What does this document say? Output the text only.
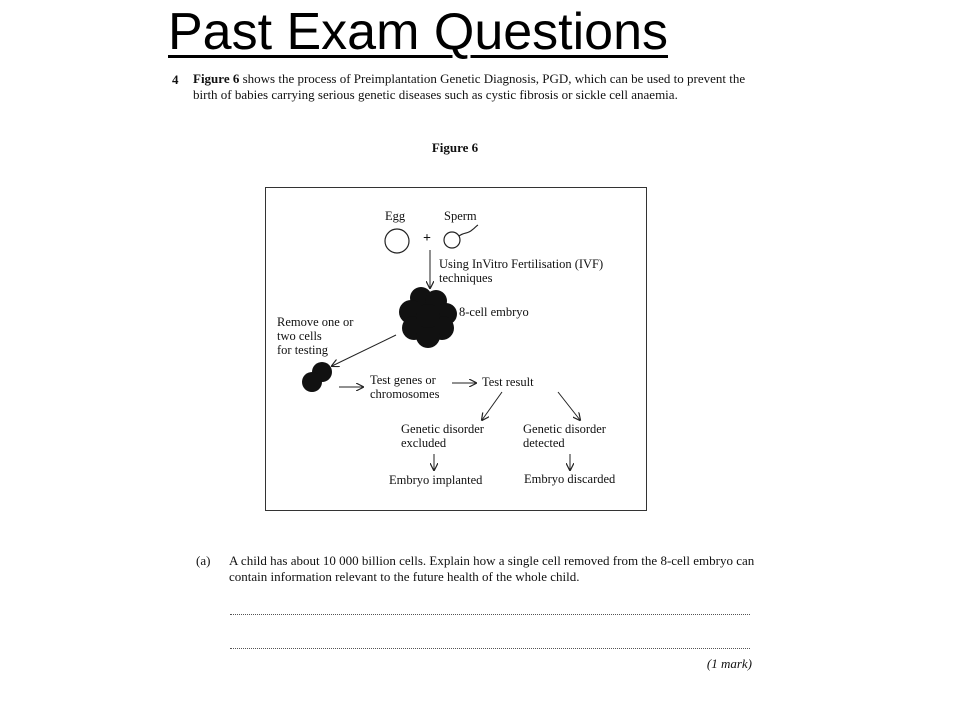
Past Exam Questions
4 Figure 6 shows the process of Preimplantation Genetic Diagnosis, PGD, which can be used to prevent the birth of babies carrying serious genetic diseases such as cystic fibrosis or sickle cell anaemia.
Figure 6
Egg	Sperm
+
Using InVitro Fertilisation (IVF)
techniques
8-cell embryo
Remove one or
two cells
for testing
Test genes or
chromosomes
Test result
Genetic disorder
excluded
Genetic disorder
detected
Embryo implanted	Embryo discarded
(a) A child has about 10 000 billion cells. Explain how a single cell removed from the 8-cell embryo can contain information relevant to the future health of the whole child.
(1 mark)
